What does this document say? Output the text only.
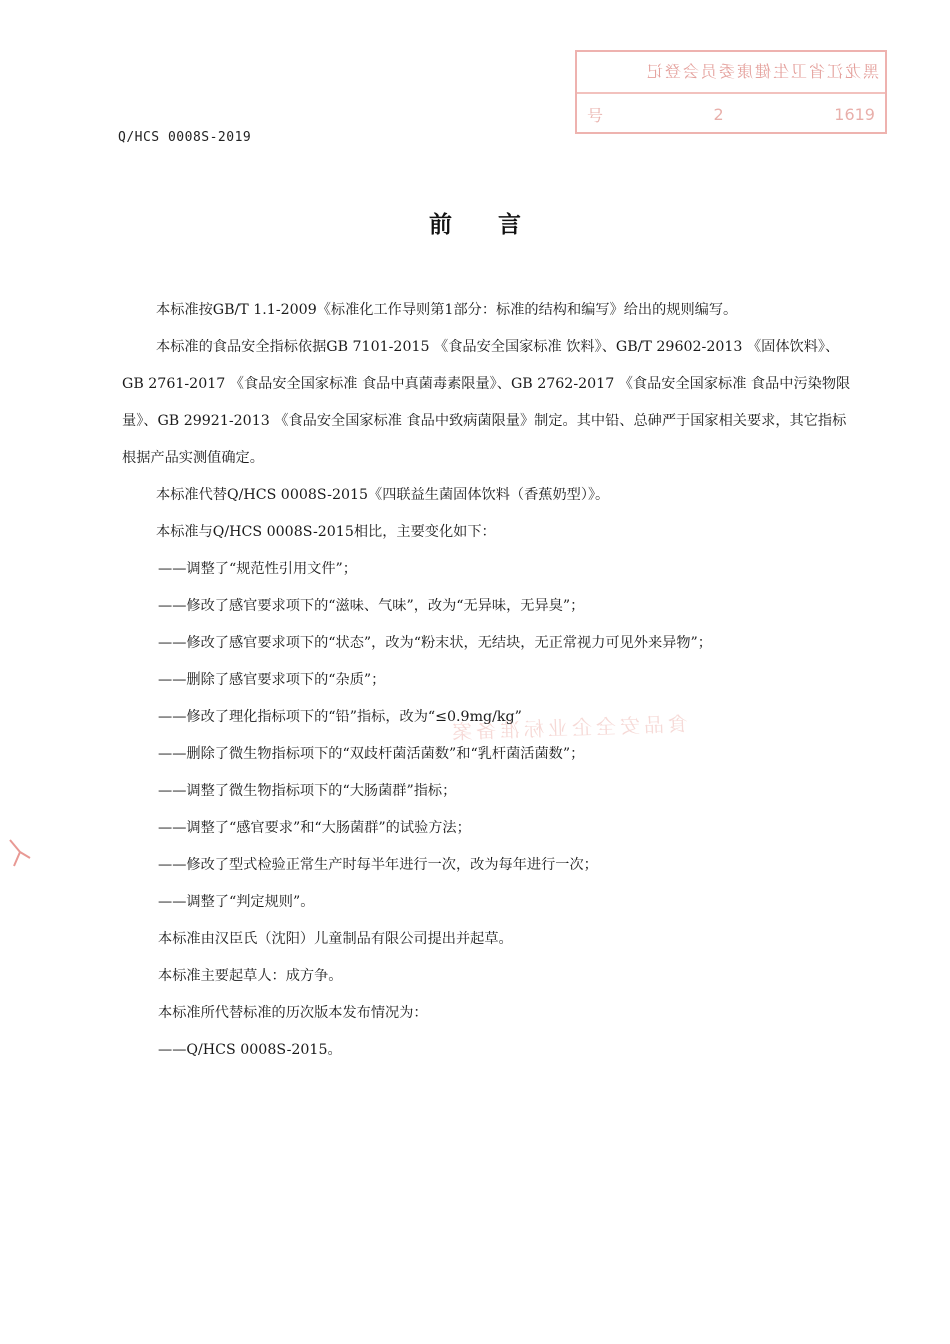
Q/HCS 0008S-2019
黑龙江省卫生健康委员会登记
号	2	1619
前言
食品安全企业标准备案

本标准按GB/T 1.1-2009《标准化工作导则第1部分：标准的结构和编写》给出的规则编写。

本标准的食品安全指标依据GB 7101-2015 《食品安全国家标准 饮料》、GB/T 29602-2013 《固体饮料》、GB 2761-2017 《食品安全国家标准 食品中真菌毒素限量》、GB 2762-2017 《食品安全国家标准 食品中污染物限量》、GB 29921-2013 《食品安全国家标准 食品中致病菌限量》制定。其中铅、总砷严于国家相关要求，其它指标根据产品实测值确定。

本标准代替Q/HCS 0008S-2015《四联益生菌固体饮料（香蕉奶型）》。

本标准与Q/HCS 0008S-2015相比，主要变化如下：

——调整了“规范性引用文件”；
——修改了感官要求项下的“滋味、气味”，改为“无异味，无异臭”；
——修改了感官要求项下的“状态”，改为“粉末状，无结块，无正常视力可见外来异物”；
——删除了感官要求项下的“杂质”；
——修改了理化指标项下的“铅”指标，改为“≤0.9mg/kg”
——删除了微生物指标项下的“双歧杆菌活菌数”和“乳杆菌活菌数”；
——调整了微生物指标项下的“大肠菌群”指标；
——调整了“感官要求”和“大肠菌群”的试验方法；
——修改了型式检验正常生产时每半年进行一次，改为每年进行一次；
——调整了“判定规则”。
本标准由汉臣氏（沈阳）儿童制品有限公司提出并起草。
本标准主要起草人：成方争。
本标准所代替标准的历次版本发布情况为：
——Q/HCS 0008S-2015。
